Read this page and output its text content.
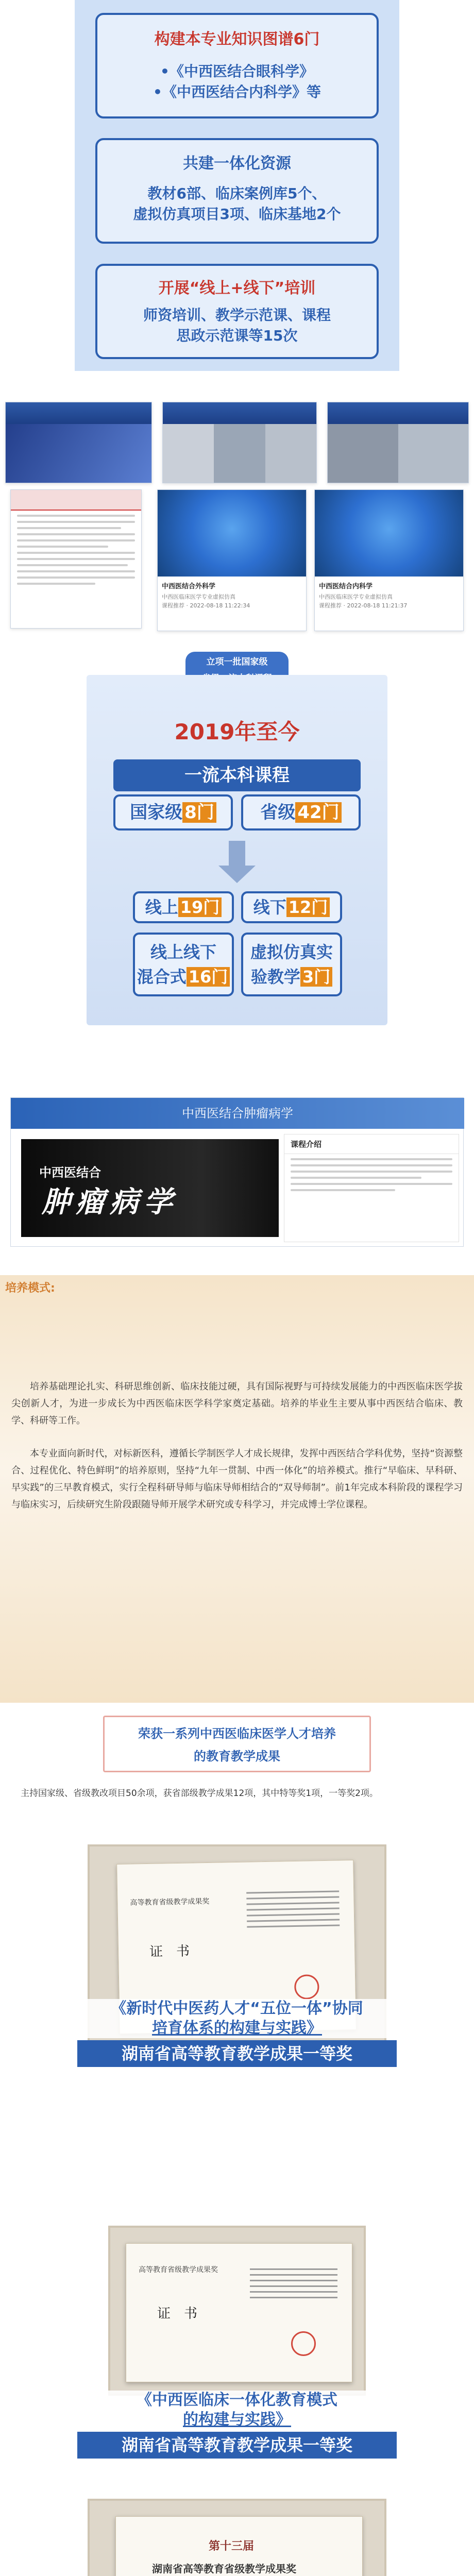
构建本专业知识图谱6门
•《中西医结合眼科学》
•《中西医结合内科学》等
共建一体化资源
教材6部、临床案例库5个、
虚拟仿真项目3项、临床基地2个
开展“线上+线下”培训
师资培训、教学示范课、课程
思政示范课等15次
中西医结合外科学
中西医临床医学专业虚拟仿真
课程推荐 · 2022-08-18 11:22:34
中西医结合内科学
中西医临床医学专业虚拟仿真
课程推荐 · 2022-08-18 11:21:37
立项一批国家级

2019年至今
一流本科课程
国家级 8门	省级 42门
线上 19门	线下 12门
线上线下
混合式 16门
虚拟仿真实
验教学 3门
中西医结合肿瘤病学
中西医结合
肿瘤病学
课程介绍
培养模式:
培养基础理论扎实、科研思维创新、临床技能过硬，具有国际视野与可持续发展能力的中西医临床医学拔尖创新人才，为进一步成长为中西医临床医学科学家奠定基础。培养的毕业生主要从事中西医结合临床、教学、科研等工作。
本专业面向新时代，对标新医科，遵循长学制医学人才成长规律，发挥中西医结合学科优势，坚持“资源整合、过程优化、特色鲜明”的培养原则，坚持“九年一贯制、中西一体化”的培养模式。推行“早临床、早科研、早实践”的三早教育模式，实行全程科研导师与临床导师相结合的“双导师制”。前1年完成本科阶段的课程学习与临床实习，后续研究生阶段跟随导师开展学术研究或专科学习，并完成博士学位课程。
荣获一系列中西医临床医学人才培养
的教育教学成果
主持国家级、省级教改项目50余项，获省部级教学成果12项，其中特等奖1项，一等奖2项。
高等教育省级教学成果奖
证书
《新时代中医药人才“五位一体”协同
培育体系的构建与实践》
湖南省高等教育教学成果一等奖
高等教育省级教学成果奖
证书
《中西医临床一体化教育模式
的构建与实践》
湖南省高等教育教学成果一等奖
第十三届
湖南省高等教育省级教学成果奖
